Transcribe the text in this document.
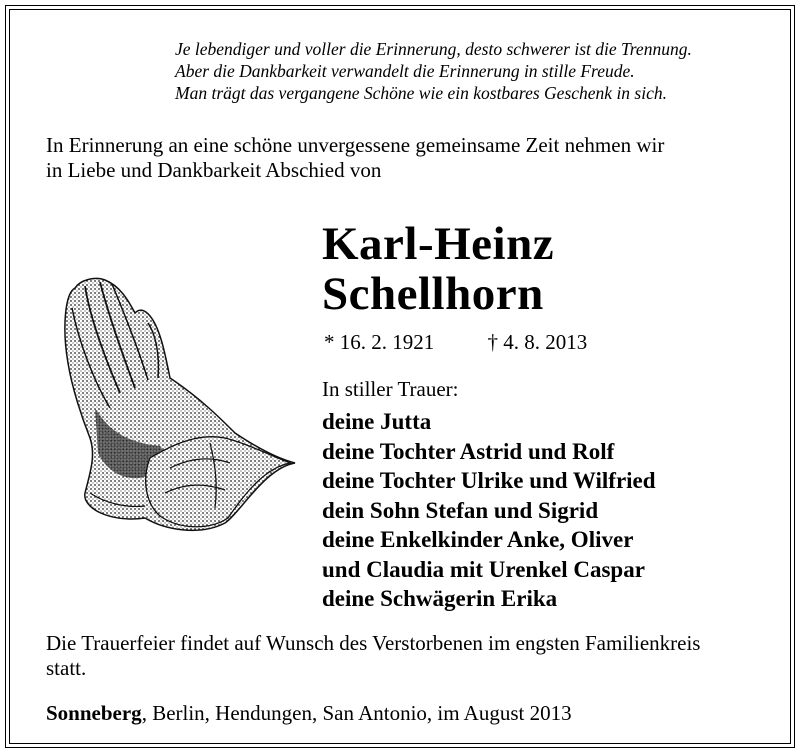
Je lebendiger und voller die Erinnerung, desto schwerer ist die Trennung.
Aber die Dankbarkeit verwandelt die Erinnerung in stille Freude.
Man trägt das vergangene Schöne wie ein kostbares Geschenk in sich.
In Erinnerung an eine schöne unvergessene gemeinsame Zeit nehmen wir
in Liebe und Dankbarkeit Abschied von
Karl-Heinz
Schellhorn
* 16. 2. 1921	† 4. 8. 2013
In stiller Trauer:
deine Jutta
deine Tochter Astrid und Rolf
deine Tochter Ulrike und Wilfried
dein Sohn Stefan und Sigrid
deine Enkelkinder Anke, Oliver
und Claudia mit Urenkel Caspar
deine Schwägerin Erika
Die Trauerfeier findet auf Wunsch des Verstorbenen im engsten Familienkreis
statt.
Sonneberg, Berlin, Hendungen, San Antonio, im August 2013
